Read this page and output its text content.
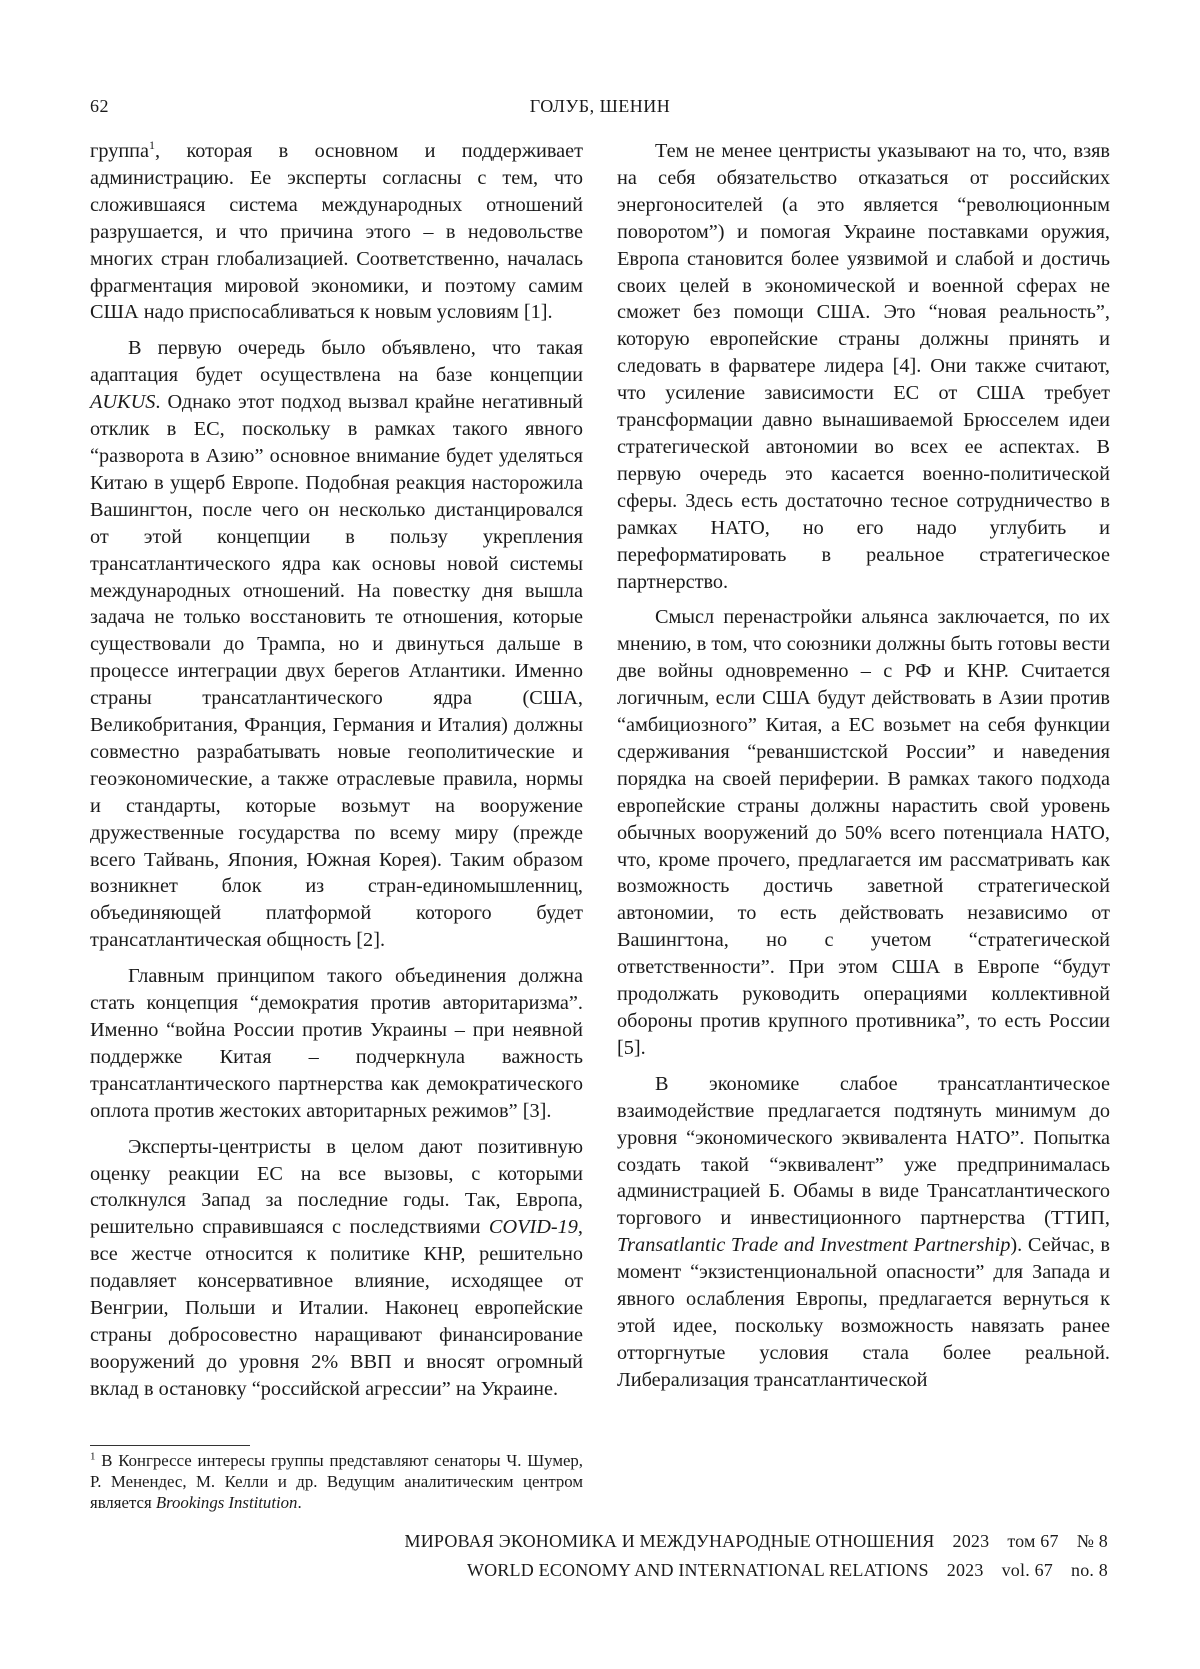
62	ГОЛУБ, ШЕНИН

группа$^1$, которая в основном и поддерживает администрацию. Ее эксперты согласны с тем, что сложившаяся система международных отношений разрушается, и что причина этого – в недовольстве многих стран глобализацией. Соответственно, началась фрагментация мировой экономики, и поэтому самим США надо приспосабливаться к новым условиям [1].

В первую очередь было объявлено, что такая адаптация будет осуществлена на базе концепции AUKUS. Однако этот подход вызвал крайне негативный отклик в ЕС, поскольку в рамках такого явного “разворота в Азию” основное внимание будет уделяться Китаю в ущерб Европе. Подобная реакция насторожила Вашингтон, после чего он несколько дистанцировался от этой концепции в пользу укрепления трансатлантического ядра как основы новой системы международных отношений. На повестку дня вышла задача не только восстановить те отношения, которые существовали до Трампа, но и двинуться дальше в процессе интеграции двух берегов Атлантики. Именно страны трансатлантического ядра (США, Великобритания, Франция, Германия и Италия) должны совместно разрабатывать новые геополитические и геоэкономические, а также отраслевые правила, нормы и стандарты, которые возьмут на вооружение дружественные государства по всему миру (прежде всего Тайвань, Япония, Южная Корея). Таким образом возникнет блок из стран-единомышленниц, объединяющей платформой которого будет трансатлантическая общность [2].

Главным принципом такого объединения должна стать концепция “демократия против авторитаризма”. Именно “война России против Украины – при неявной поддержке Китая – подчеркнула важность трансатлантического партнерства как демократического оплота против жестоких авторитарных режимов” [3].

Эксперты-центристы в целом дают позитивную оценку реакции ЕС на все вызовы, с которыми столкнулся Запад за последние годы. Так, Европа, решительно справившаяся с последствиями COVID-19, все жестче относится к политике КНР, решительно подавляет консервативное влияние, исходящее от Венгрии, Польши и Италии. Наконец европейские страны добросовестно наращивают финансирование вооружений до уровня 2% ВВП и вносят огромный вклад в остановку “российской агрессии” на Украине.

$^1$ В Конгрессе интересы группы представляют сенаторы Ч. Шумер, Р. Менендес, М. Келли и др. Ведущим аналитическим центром является Brookings Institution.

Тем не менее центристы указывают на то, что, взяв на себя обязательство отказаться от российских энергоносителей (а это является “революционным поворотом”) и помогая Украине поставками оружия, Европа становится более уязвимой и слабой и достичь своих целей в экономической и военной сферах не сможет без помощи США. Это “новая реальность”, которую европейские страны должны принять и следовать в фарватере лидера [4]. Они также считают, что усиление зависимости ЕС от США требует трансформации давно вынашиваемой Брюсселем идеи стратегической автономии во всех ее аспектах. В первую очередь это касается военно-политической сферы. Здесь есть достаточно тесное сотрудничество в рамках НАТО, но его надо углубить и переформатировать в реальное стратегическое партнерство.

Смысл перенастройки альянса заключается, по их мнению, в том, что союзники должны быть готовы вести две войны одновременно – с РФ и КНР. Считается логичным, если США будут действовать в Азии против “амбициозного” Китая, а ЕС возьмет на себя функции сдерживания “реваншистской России” и наведения порядка на своей периферии. В рамках такого подхода европейские страны должны нарастить свой уровень обычных вооружений до 50% всего потенциала НАТО, что, кроме прочего, предлагается им рассматривать как возможность достичь заветной стратегической автономии, то есть действовать независимо от Вашингтона, но с учетом “стратегической ответственности”. При этом США в Европе “будут продолжать руководить операциями коллективной обороны против крупного противника”, то есть России [5].

В экономике слабое трансатлантическое взаимодействие предлагается подтянуть минимум до уровня “экономического эквивалента НАТО”. Попытка создать такой “эквивалент” уже предпринималась администрацией Б. Обамы в виде Трансатлантического торгового и инвестиционного партнерства (ТТИП, Transatlantic Trade and Investment Partnership). Сейчас, в момент “экзистенциональной опасности” для Запада и явного ослабления Европы, предлагается вернуться к этой идее, поскольку возможность навязать ранее отторгнутые условия стала более реальной. Либерализация трансатлантической

МИРОВАЯ ЭКОНОМИКА И МЕЖДУНАРОДНЫЕ ОТНОШЕНИЯ 2023 том 67 № 8
WORLD ECONOMY AND INTERNATIONAL RELATIONS 2023 vol. 67 no. 8
